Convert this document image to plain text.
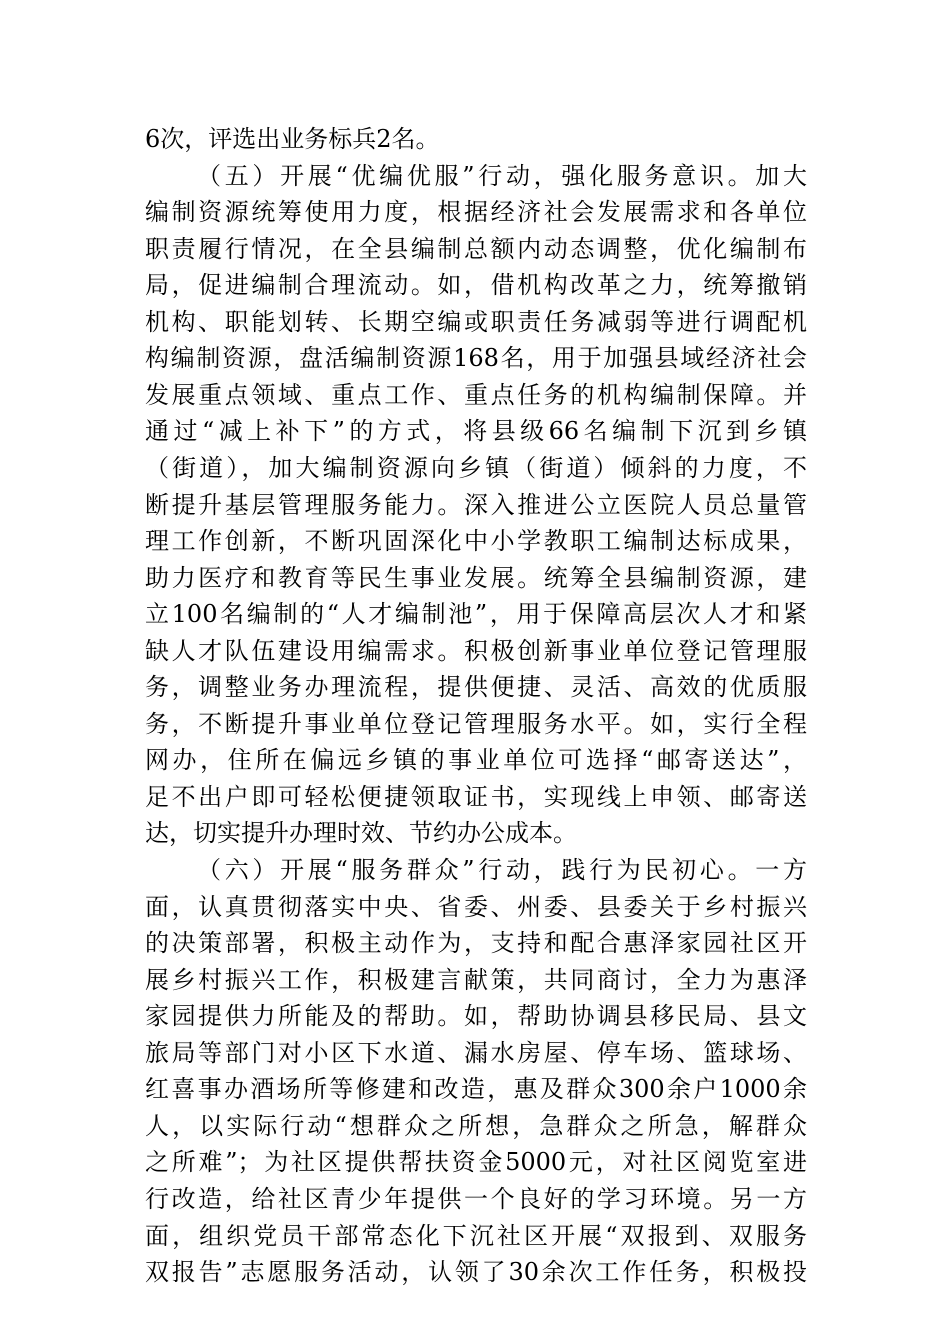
6次，评选出业务标兵2名。
（五）开展“优编优服”行动，强化服务意识。加大
编制资源统筹使用力度，根据经济社会发展需求和各单位
职责履行情况，在全县编制总额内动态调整，优化编制布
局，促进编制合理流动。如，借机构改革之力，统筹撤销
机构、职能划转、长期空编或职责任务减弱等进行调配机
构编制资源，盘活编制资源168名，用于加强县域经济社会
发展重点领域、重点工作、重点任务的机构编制保障。并
通过“减上补下”的方式，将县级66名编制下沉到乡镇
（街道），加大编制资源向乡镇（街道）倾斜的力度，不
断提升基层管理服务能力。深入推进公立医院人员总量管
理工作创新，不断巩固深化中小学教职工编制达标成果，
助力医疗和教育等民生事业发展。统筹全县编制资源，建
立100名编制的“人才编制池”，用于保障高层次人才和紧
缺人才队伍建设用编需求。积极创新事业单位登记管理服
务，调整业务办理流程，提供便捷、灵活、高效的优质服
务，不断提升事业单位登记管理服务水平。如，实行全程
网办，住所在偏远乡镇的事业单位可选择“邮寄送达”，
足不出户即可轻松便捷领取证书，实现线上申领、邮寄送
达，切实提升办理时效、节约办公成本。
（六）开展“服务群众”行动，践行为民初心。一方
面，认真贯彻落实中央、省委、州委、县委关于乡村振兴
的决策部署，积极主动作为，支持和配合惠泽家园社区开
展乡村振兴工作，积极建言献策，共同商讨，全力为惠泽
家园提供力所能及的帮助。如，帮助协调县移民局、县文
旅局等部门对小区下水道、漏水房屋、停车场、篮球场、
红喜事办酒场所等修建和改造，惠及群众300余户1000余
人，以实际行动“想群众之所想，急群众之所急，解群众
之所难”；为社区提供帮扶资金5000元，对社区阅览室进
行改造，给社区青少年提供一个良好的学习环境。另一方
面，组织党员干部常态化下沉社区开展“双报到、双服务
双报告”志愿服务活动，认领了30余次工作任务，积极投
